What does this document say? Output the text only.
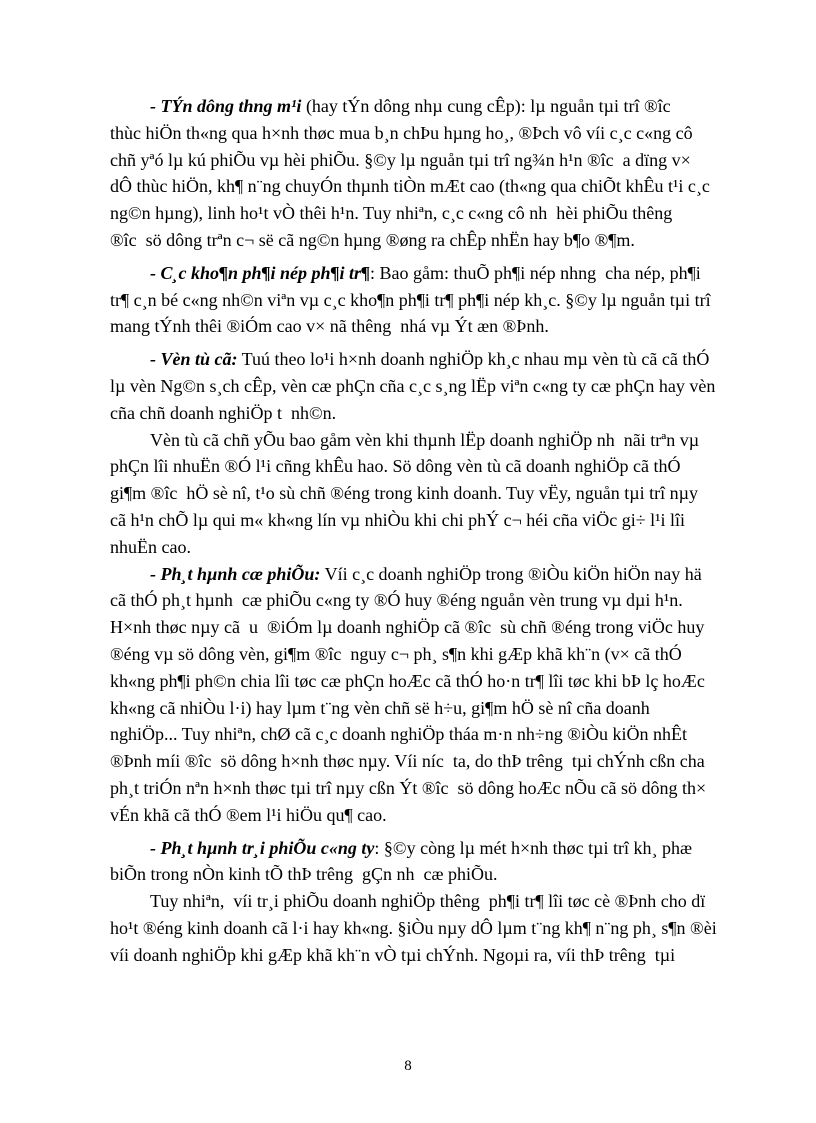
- TÝn dông thng m¹i (hay tÝn dông nhµ cung cÊp): lµ nguån tµi trî ®îc
thùc hiÖn th«ng qua h×nh thøc mua b¸n chÞu hµng ho¸, ®Þch vô víi c¸c c«ng cô
chñ yªó lµ kú phiÕu vµ hèi phiÕu. §©y lµ nguån tµi trî ng¾n h¹n ®îc  a dïng v×
dÔ thùc hiÖn, kh¶ n¨ng chuyÓn thµnh tiÒn mÆt cao (th«ng qua chiÕt khÊu t¹i c¸c
ng©n hµng), linh ho¹t vÒ thêi h¹n. Tuy nhiªn, c¸c c«ng cô nh  hèi phiÕu thêng
®îc  sö dông trªn c¬ së cã ng©n hµng ®øng ra chÊp nhËn hay b¶o ®¶m.

- C¸c kho¶n ph¶i nép ph¶i tr¶: Bao gåm: thuÕ ph¶i nép nhng  cha nép, ph¶i
tr¶ c¸n bé c«ng nh©n viªn vµ c¸c kho¶n ph¶i tr¶ ph¶i nép kh¸c. §©y lµ nguån tµi trî
mang tÝnh thêi ®iÓm cao v× nã thêng  nhá vµ Ýt æn ®Þnh.

- Vèn tù cã: Tuú theo lo¹i h×nh doanh nghiÖp kh¸c nhau mµ vèn tù cã cã thÓ
lµ vèn Ng©n s¸ch cÊp, vèn cæ phÇn cña c¸c s¸ng lËp viªn c«ng ty cæ phÇn hay vèn
cña chñ doanh nghiÖp t  nh©n.

Vèn tù cã chñ yÕu bao gåm vèn khi thµnh lËp doanh nghiÖp nh  nãi trªn vµ
phÇn lîi nhuËn ®Ó l¹i cñng khÊu hao. Sö dông vèn tù cã doanh nghiÖp cã thÓ
gi¶m ®îc  hÖ sè nî, t¹o sù chñ ®éng trong kinh doanh. Tuy vËy, nguån tµi trî nµy
cã h¹n chÕ lµ qui m« kh«ng lín vµ nhiÒu khi chi phÝ c¬ héi cña viÖc gi÷ l¹i lîi
nhuËn cao.

- Ph¸t hµnh cæ phiÕu: Víi c¸c doanh nghiÖp trong ®iÒu kiÖn hiÖn nay hä
cã thÓ ph¸t hµnh  cæ phiÕu c«ng ty ®Ó huy ®éng nguån vèn trung vµ dµi h¹n.
H×nh thøc nµy cã  u  ®iÓm lµ doanh nghiÖp cã ®îc  sù chñ ®éng trong viÖc huy
®éng vµ sö dông vèn, gi¶m ®îc  nguy c¬ ph¸ s¶n khi gÆp khã kh¨n (v× cã thÓ
kh«ng ph¶i ph©n chia lîi tøc cæ phÇn hoÆc cã thÓ ho·n tr¶ lîi tøc khi bÞ lç hoÆc
kh«ng cã nhiÒu l·i) hay lµm t¨ng vèn chñ së h÷u, gi¶m hÖ sè nî cña doanh
nghiÖp... Tuy nhiªn, chØ cã c¸c doanh nghiÖp tháa m·n nh÷ng ®iÒu kiÖn nhÊt
®Þnh míi ®îc  sö dông h×nh thøc nµy. Víi níc  ta, do thÞ trêng  tµi chÝnh cßn cha
ph¸t triÓn nªn h×nh thøc tµi trî nµy cßn Ýt ®îc  sö dông hoÆc nÕu cã sö dông th×
vÉn khã cã thÓ ®em l¹i hiÖu qu¶ cao.

- Ph¸t hµnh tr¸i phiÕu c«ng ty: §©y còng lµ mét h×nh thøc tµi trî kh¸ phæ
biÕn trong nÒn kinh tÕ thÞ trêng  gÇn nh  cæ phiÕu.

Tuy nhiªn,  víi tr¸i phiÕu doanh nghiÖp thêng  ph¶i tr¶ lîi tøc cè ®Þnh cho dï
ho¹t ®éng kinh doanh cã l·i hay kh«ng. §iÒu nµy dÔ lµm t¨ng kh¶ n¨ng ph¸ s¶n ®èi
víi doanh nghiÖp khi gÆp khã kh¨n vÒ tµi chÝnh. Ngoµi ra, víi thÞ trêng  tµi

8
